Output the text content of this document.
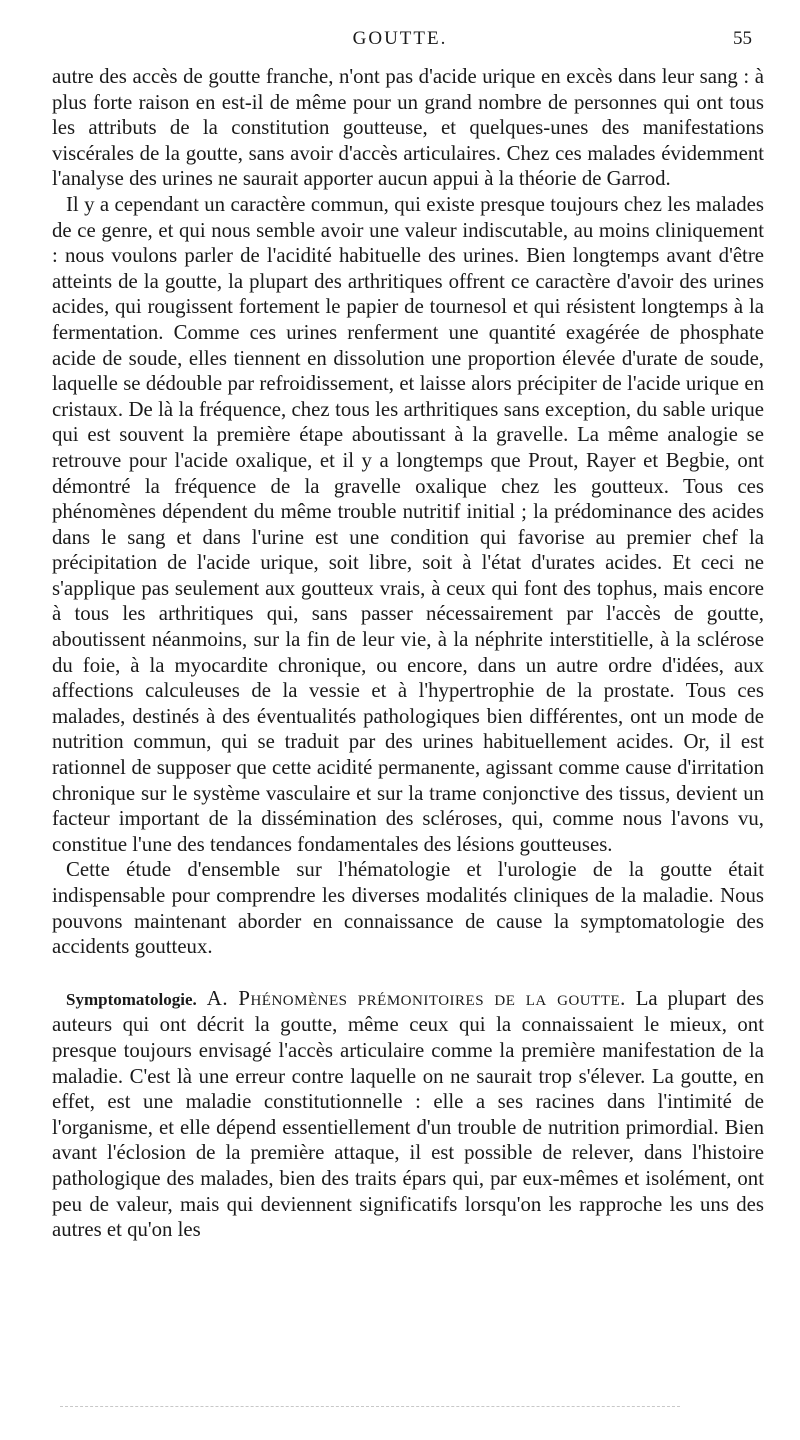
GOUTTE.	55

autre des accès de goutte franche, n'ont pas d'acide urique en excès dans leur sang : à plus forte raison en est-il de même pour un grand nombre de personnes qui ont tous les attributs de la constitution goutteuse, et quelques-unes des manifestations viscérales de la goutte, sans avoir d'accès articulaires. Chez ces malades évidemment l'analyse des urines ne saurait apporter aucun appui à la théorie de Garrod.

Il y a cependant un caractère commun, qui existe presque toujours chez les malades de ce genre, et qui nous semble avoir une valeur indiscutable, au moins cliniquement : nous voulons parler de l'acidité habituelle des urines. Bien longtemps avant d'être atteints de la goutte, la plupart des arthritiques offrent ce caractère d'avoir des urines acides, qui rougissent fortement le papier de tournesol et qui résistent longtemps à la fermentation. Comme ces urines renferment une quantité exagérée de phosphate acide de soude, elles tiennent en dissolution une proportion élevée d'urate de soude, laquelle se dédouble par refroidissement, et laisse alors précipiter de l'acide urique en cristaux. De là la fréquence, chez tous les arthritiques sans exception, du sable urique qui est souvent la première étape aboutissant à la gravelle. La même analogie se retrouve pour l'acide oxalique, et il y a longtemps que Prout, Rayer et Begbie, ont démontré la fréquence de la gravelle oxalique chez les goutteux. Tous ces phénomènes dépendent du même trouble nutritif initial ; la prédominance des acides dans le sang et dans l'urine est une condition qui favorise au premier chef la précipitation de l'acide urique, soit libre, soit à l'état d'urates acides. Et ceci ne s'applique pas seulement aux goutteux vrais, à ceux qui font des tophus, mais encore à tous les arthritiques qui, sans passer nécessairement par l'accès de goutte, aboutissent néanmoins, sur la fin de leur vie, à la néphrite interstitielle, à la sclérose du foie, à la myocardite chronique, ou encore, dans un autre ordre d'idées, aux affections calculeuses de la vessie et à l'hypertrophie de la prostate. Tous ces malades, destinés à des éventualités pathologiques bien différentes, ont un mode de nutrition commun, qui se traduit par des urines habituellement acides. Or, il est rationnel de supposer que cette acidité permanente, agissant comme cause d'irritation chronique sur le système vasculaire et sur la trame conjonctive des tissus, devient un facteur important de la dissémination des scléroses, qui, comme nous l'avons vu, constitue l'une des tendances fondamentales des lésions goutteuses.

Cette étude d'ensemble sur l'hématologie et l'urologie de la goutte était indispensable pour comprendre les diverses modalités cliniques de la maladie. Nous pouvons maintenant aborder en connaissance de cause la symptomatologie des accidents goutteux.

Symptomatologie. A. Phénomènes prémonitoires de la goutte. La plupart des auteurs qui ont décrit la goutte, même ceux qui la connaissaient le mieux, ont presque toujours envisagé l'accès articulaire comme la première manifestation de la maladie. C'est là une erreur contre laquelle on ne saurait trop s'élever. La goutte, en effet, est une maladie constitutionnelle : elle a ses racines dans l'intimité de l'organisme, et elle dépend essentiellement d'un trouble de nutrition primordial. Bien avant l'éclosion de la première attaque, il est possible de relever, dans l'histoire pathologique des malades, bien des traits épars qui, par eux-mêmes et isolément, ont peu de valeur, mais qui deviennent significatifs lorsqu'on les rapproche les uns des autres et qu'on les
